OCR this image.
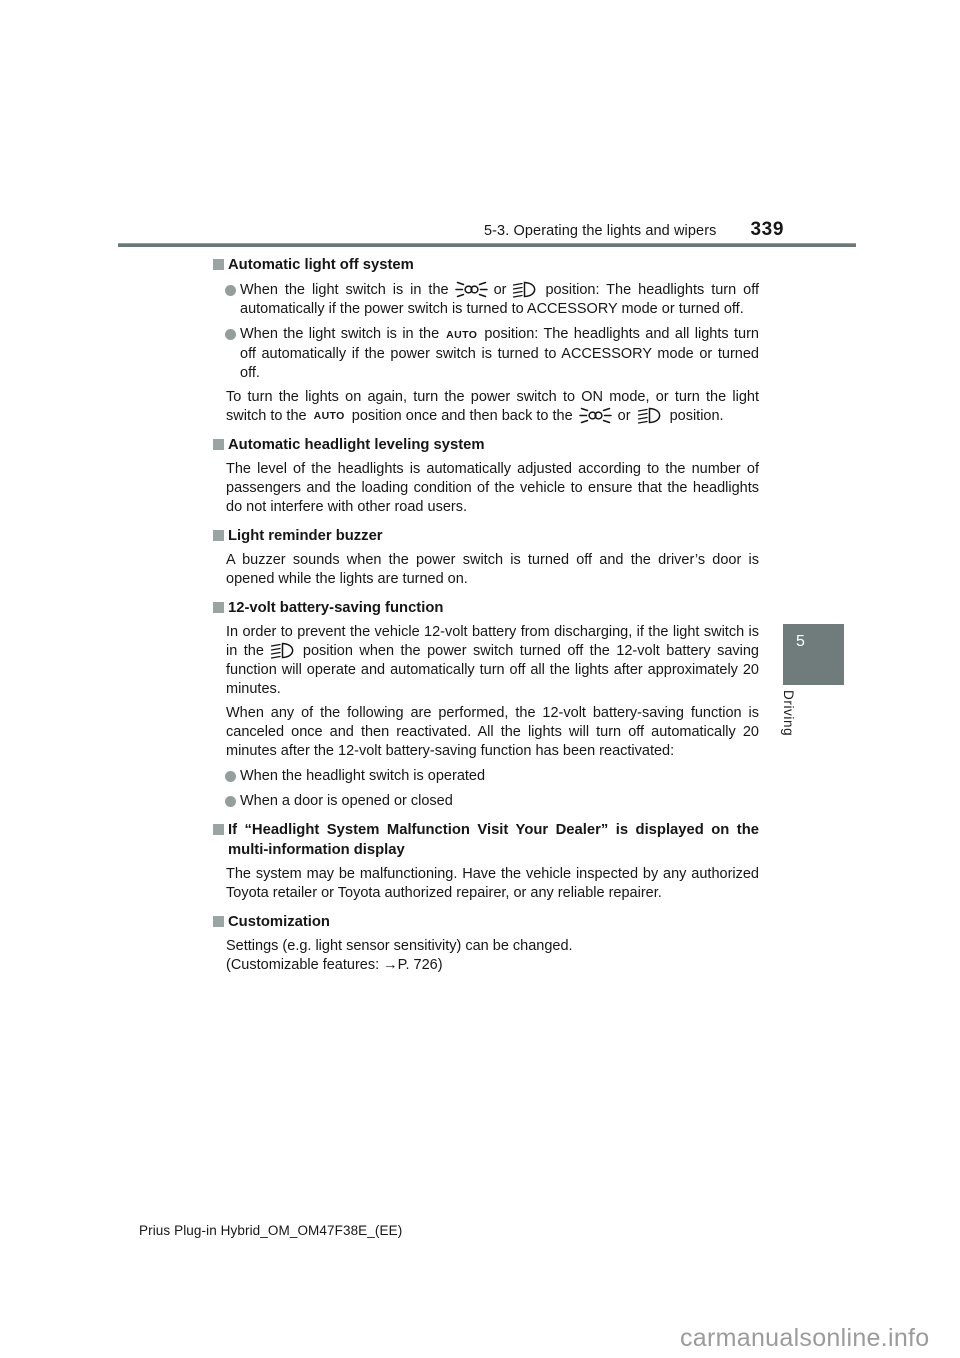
5-3. Operating the lights and wipers 339
Automatic light off system
When the light switch is in the	or	position: The headlights turn off automatically if the power switch is turned to ACCESSORY mode or turned off.
When the light switch is in the AUTO position: The headlights and all lights turn off automatically if the power switch is turned to ACCESSORY mode or turned off.
To turn the lights on again, turn the power switch to ON mode, or turn the light switch to the AUTO position once and then back to the	or	position.
Automatic headlight leveling system
The level of the headlights is automatically adjusted according to the number of passengers and the loading condition of the vehicle to ensure that the headlights do not interfere with other road users.
Light reminder buzzer
A buzzer sounds when the power switch is turned off and the driver’s door is opened while the lights are turned on.
12-volt battery-saving function
In order to prevent the vehicle 12-volt battery from discharging, if the light switch is in the	position when the power switch turned off the 12-volt battery saving function will operate and automatically turn off all the lights after approximately 20 minutes.
When any of the following are performed, the 12-volt battery-saving function is canceled once and then reactivated. All the lights will turn off automatically 20 minutes after the 12-volt battery-saving function has been reactivated:
When the headlight switch is operated
When a door is opened or closed
If “Headlight System Malfunction Visit Your Dealer” is displayed on the multi-information display
The system may be malfunctioning. Have the vehicle inspected by any authorized Toyota retailer or Toyota authorized repairer, or any reliable repairer.
Customization
Settings (e.g. light sensor sensitivity) can be changed.
(Customizable features: →P. 726)
5
Driving
Prius Plug-in Hybrid_OM_OM47F38E_(EE)
carmanualsonline.info
